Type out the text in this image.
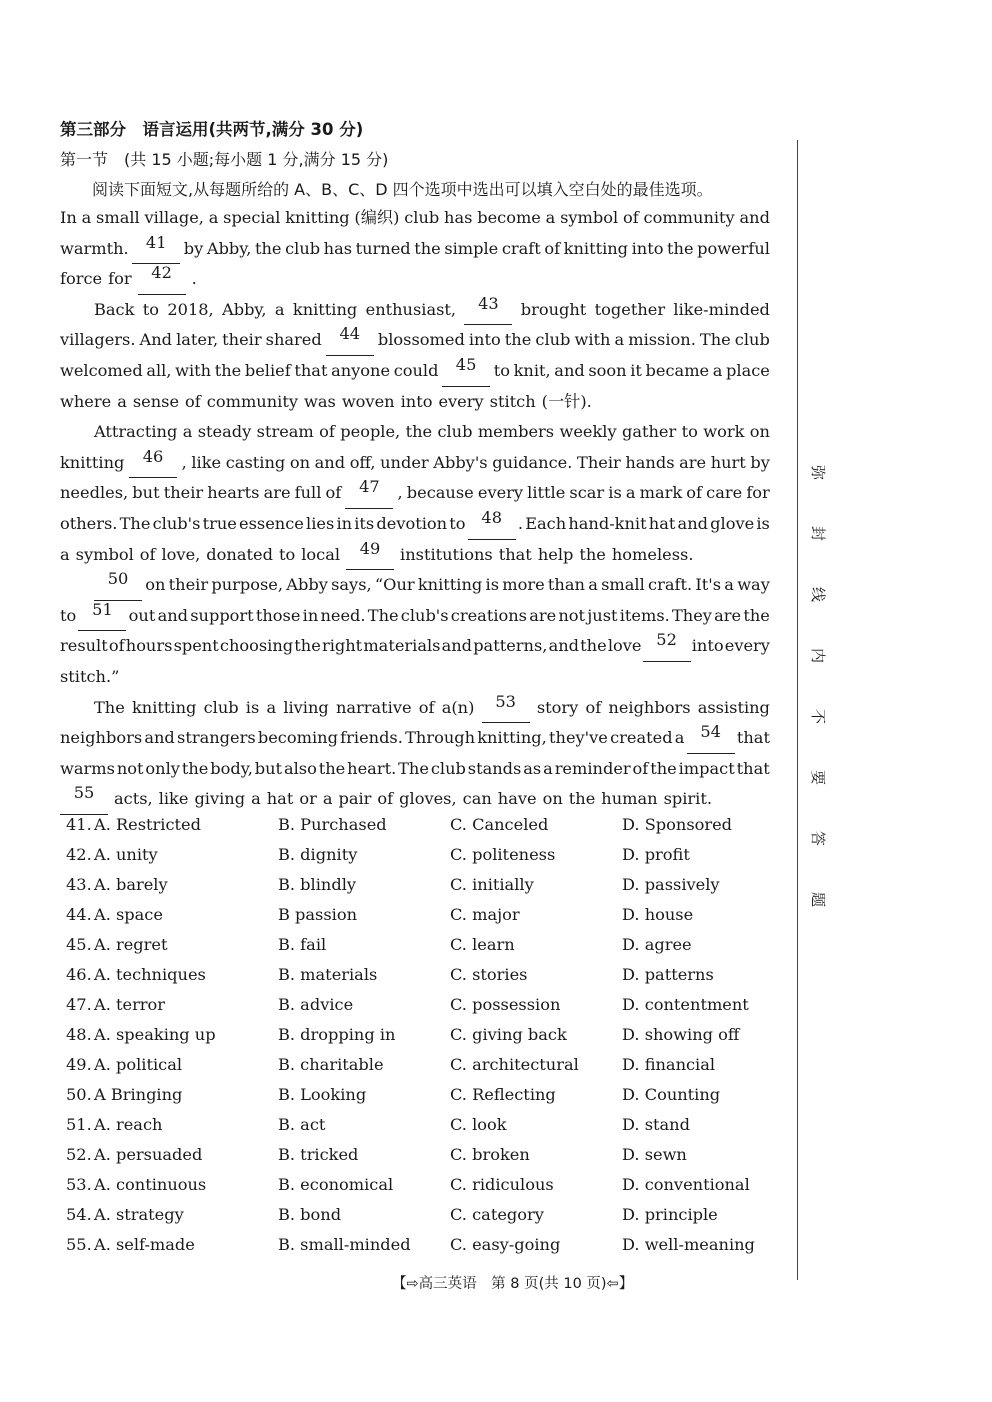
第三部分　语言运用(共两节,满分 30 分)
第一节　(共 15 小题;每小题 1 分,满分 15 分)
阅读下面短文,从每题所给的 A、B、C、D 四个选项中选出可以填入空白处的最佳选项。
In a small village, a special knitting (编织) club has become a symbol of community and
warmth.	41	by Abby, the club has turned the simple craft of knitting into the powerful
force for	42	.
Back to 2018, Abby, a knitting enthusiast,	43	brought together like-minded
villagers. And later, their shared	44	blossomed into the club with a mission. The club
welcomed all, with the belief that anyone could	45	to knit, and soon it became a place
where a sense of community was woven into every stitch (一针).
Attracting a steady stream of people, the club members weekly gather to work on
knitting	46	, like casting on and off, under Abby's guidance. Their hands are hurt by
needles, but their hearts are full of	47	, because every little scar is a mark of care for
others. The club's true essence lies in its devotion to 48 . Each hand-knit hat and glove is
a symbol of love, donated to local	49	institutions that help the homeless.
50	on their purpose, Abby says, “Our knitting is more than a small craft. It's a way
to 51 out and support those in need. The club's creations are not just items. They are the
result of hours spent choosing the right materials and patterns, and the love 52 into every
stitch.”
The knitting club is a living narrative of a(n)	53	story of neighbors assisting
neighbors and strangers becoming friends. Through knitting, they've created a 54 that
warms not only the body, but also the heart. The club stands as a reminder of the impact that
55	acts, like giving a hat or a pair of gloves, can have on the human spirit.
41. A. Restricted	B. Purchased	C. Canceled	D. Sponsored
42. A. unity	B. dignity	C. politeness	D. profit
43. A. barely	B. blindly	C. initially	D. passively
44. A. space	B passion	C. major	D. house
45. A. regret	B. fail	C. learn	D. agree
46. A. techniques	B. materials	C. stories	D. patterns
47. A. terror	B. advice	C. possession	D. contentment
48. A. speaking up	B. dropping in	C. giving back	D. showing off
49. A. political	B. charitable	C. architectural	D. financial
50. A Bringing	B. Looking	C. Reflecting	D. Counting
51. A. reach	B. act	C. look	D. stand
52. A. persuaded	B. tricked	C. broken	D. sewn
53. A. continuous	B. economical	C. ridiculous	D. conventional
54. A. strategy	B. bond	C. category	D. principle
55. A. self-made	B. small-minded C. easy-going	D. well-meaning
【⇨高三英语　第 8 页(共 10 页)⇦】
弥
封
线
内
不
要
答
题
